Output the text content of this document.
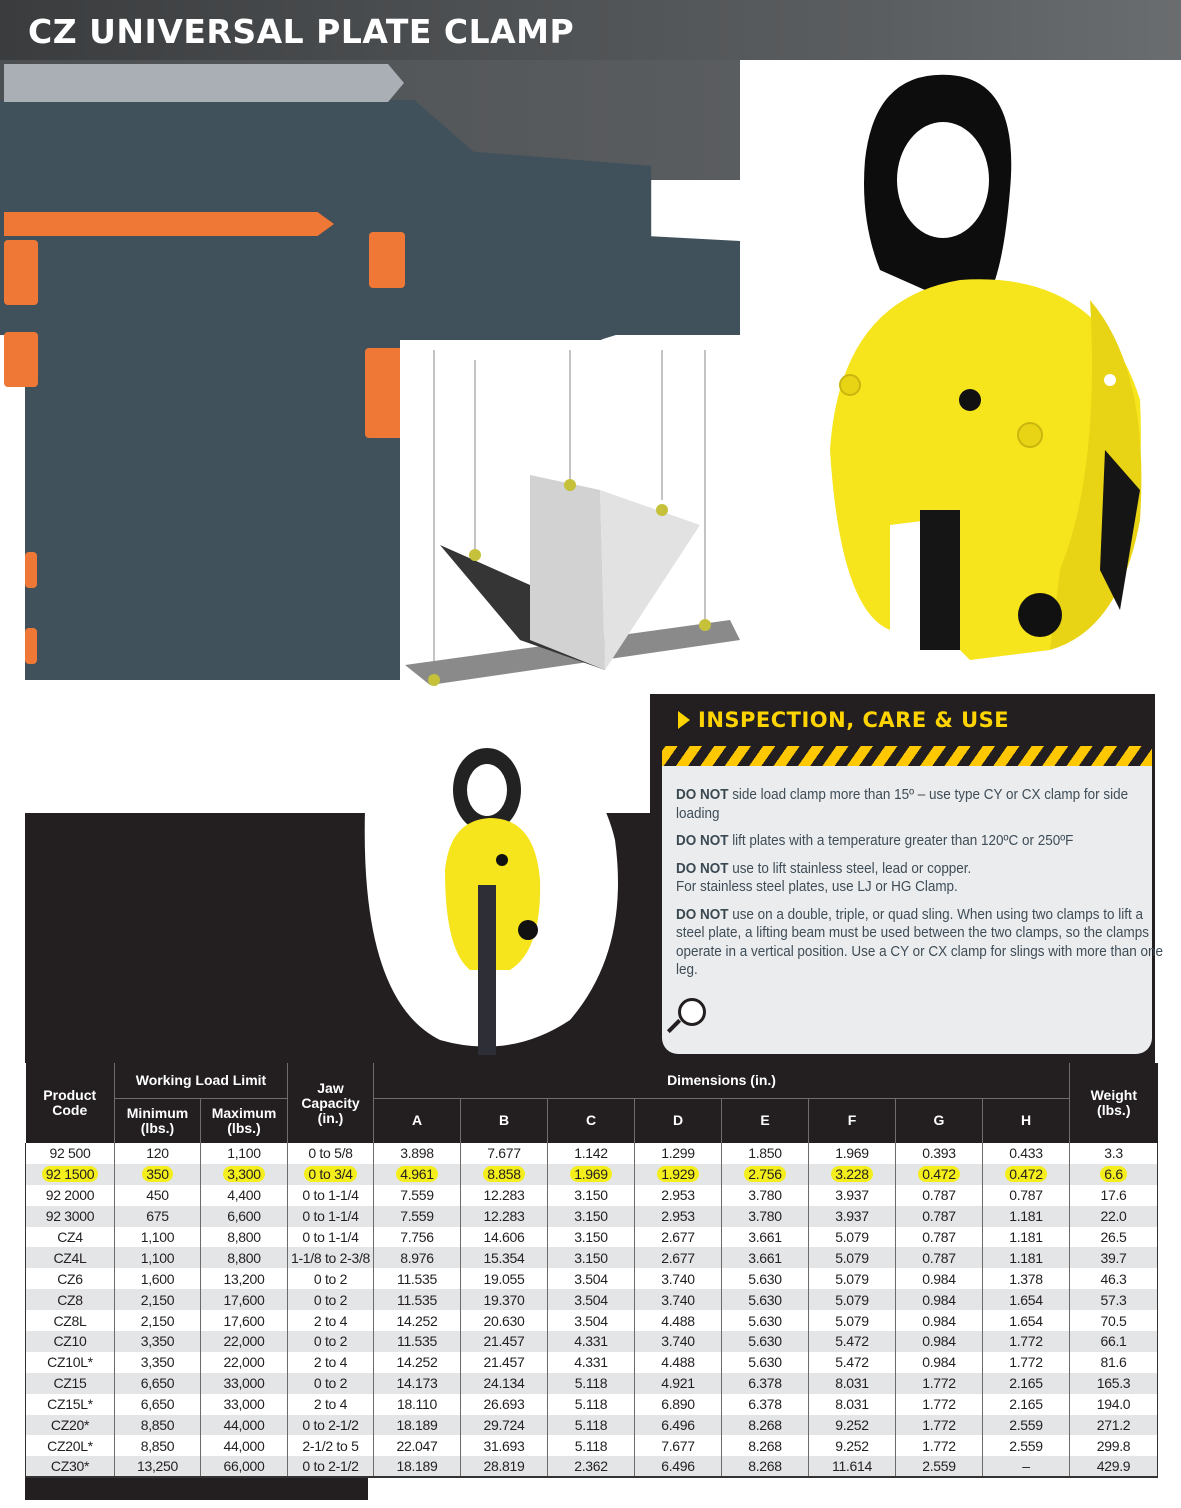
CZ UNIVERSAL PLATE CLAMP
INSPECTION, CARE & USE

DO NOT side load clamp more than 15º – use type CY or CX clamp for side loading

DO NOT lift plates with a temperature greater than 120ºC or 250ºF

DO NOT use to lift stainless steel, lead or copper.
For stainless steel plates, use LJ or HG Clamp.

DO NOT use on a double, triple, or quad sling. When using two clamps to lift a steel plate, a lifting beam must be used between the two clamps, so the clamps operate in a vertical position. Use a CY or CX clamp for slings with more than one leg.

Product Code	Working Load Limit		Jaw Capacity (in.)	Dimensions (in.)								Weight (lbs.)
	Minimum (lbs.)	Maximum (lbs.)		A	B	C	D	E	F	G	H	
92 500	120	1,100	0 to 5/8	3.898	7.677	1.142	1.299	1.850	1.969	0.393	0.433	3.3
92 1500	350	3,300	0 to 3/4	4.961	8.858	1.969	1.929	2.756	3.228	0.472	0.472	6.6
92 2000	450	4,400	0 to 1-1/4	7.559	12.283	3.150	2.953	3.780	3.937	0.787	0.787	17.6
92 3000	675	6,600	0 to 1-1/4	7.559	12.283	3.150	2.953	3.780	3.937	0.787	1.181	22.0
CZ4	1,100	8,800	0 to 1-1/4	7.756	14.606	3.150	2.677	3.661	5.079	0.787	1.181	26.5
CZ4L	1,100	8,800	1-1/8 to 2-3/8	8.976	15.354	3.150	2.677	3.661	5.079	0.787	1.181	39.7
CZ6	1,600	13,200	0 to 2	11.535	19.055	3.504	3.740	5.630	5.079	0.984	1.378	46.3
CZ8	2,150	17,600	0 to 2	11.535	19.370	3.504	3.740	5.630	5.079	0.984	1.654	57.3
CZ8L	2,150	17,600	2 to 4	14.252	20.630	3.504	4.488	5.630	5.079	0.984	1.654	70.5
CZ10	3,350	22,000	0 to 2	11.535	21.457	4.331	3.740	5.630	5.472	0.984	1.772	66.1
CZ10L*	3,350	22,000	2 to 4	14.252	21.457	4.331	4.488	5.630	5.472	0.984	1.772	81.6
CZ15	6,650	33,000	0 to 2	14.173	24.134	5.118	4.921	6.378	8.031	1.772	2.165	165.3
CZ15L*	6,650	33,000	2 to 4	18.110	26.693	5.118	6.890	6.378	8.031	1.772	2.165	194.0
CZ20*	8,850	44,000	0 to 2-1/2	18.189	29.724	5.118	6.496	8.268	9.252	1.772	2.559	271.2
CZ20L*	8,850	44,000	2-1/2 to 5	22.047	31.693	5.118	7.677	8.268	9.252	1.772	2.559	299.8
CZ30*	13,250	66,000	0 to 2-1/2	18.189	28.819	2.362	6.496	8.268	11.614	2.559	–	429.9
